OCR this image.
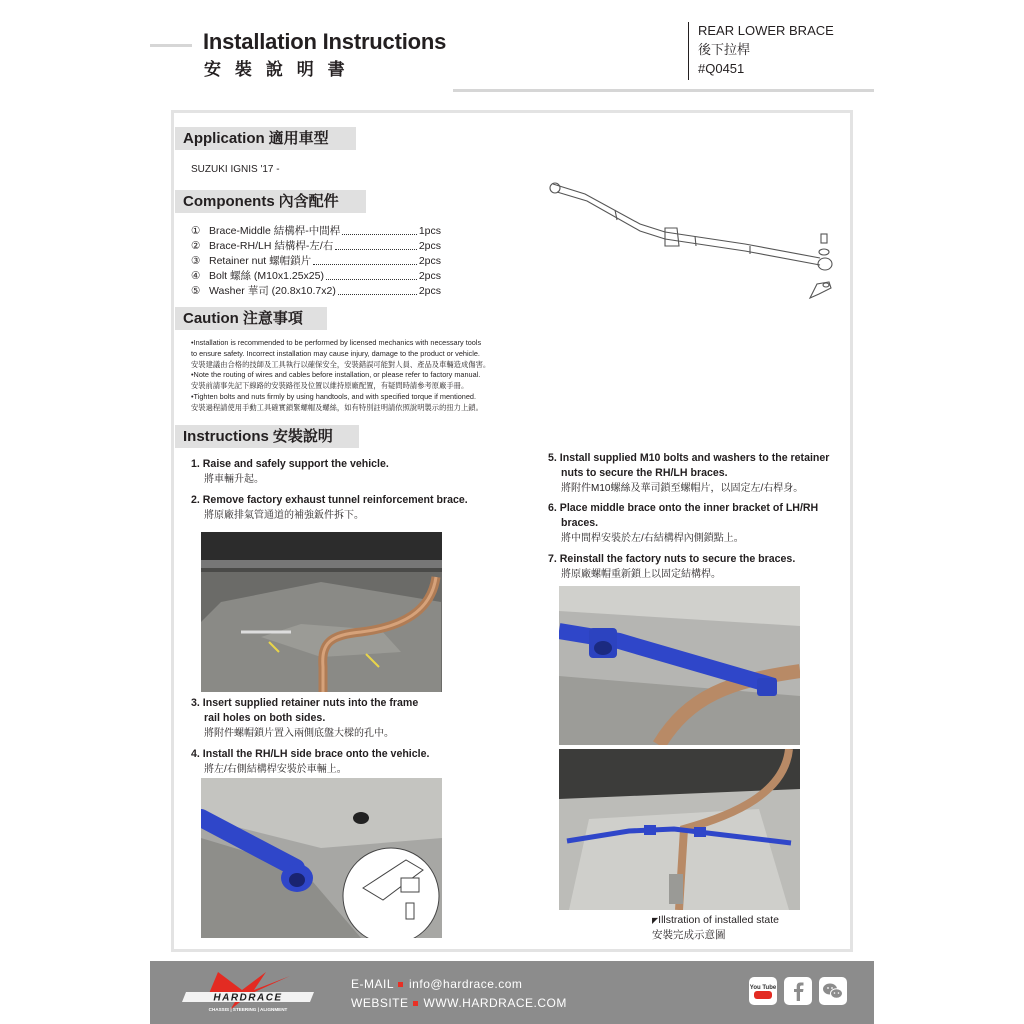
Installation Instructions
安 裝 說 明 書
REAR LOWER BRACE
後下拉桿
#Q0451
Application 適用車型
SUZUKI IGNIS '17 -
Components 內含配件
① Brace-Middle 結構桿-中間桿	1pcs
② Brace-RH/LH 結構桿-左/右	2pcs
③ Retainer nut 螺帽鎖片	2pcs
④ Bolt 螺絲 (M10x1.25x25)	2pcs
⑤ Washer 華司 (20.8x10.7x2)	2pcs
Caution 注意事項

•Installation is recommended to be performed by licensed mechanics with necessary tools

to ensure safety. Incorrect installation may cause injury, damage to the product or vehicle.

安裝建議由合格的技師及工具執行以確保安全，安裝錯誤可能對人員、產品及車輛造成傷害。

•Note the routing of wires and cables before installation, or please refer to factory manual.

安裝前請事先記下線路的安裝路徑及位置以維持原廠配置，有疑問時請參考原廠手冊。

•Tighten bolts and nuts firmly by using handtools, and with specified torque if mentioned.

安裝過程請使用手動工具確實鎖緊螺帽及螺絲，如有特別註明請依照說明製示的扭力上鎖。

Instructions 安裝說明
1. Raise and safely support the vehicle.

將車輛升起。
2. Remove factory exhaust tunnel reinforcement brace.

將原廠排氣管通道的補強鈑件拆下。
3. Insert supplied retainer nuts into the frame

rail holes on both sides.
將附件螺帽鎖片置入兩側底盤大樑的孔中。
4. Install the RH/LH side brace onto the vehicle.

將左/右側結構桿安裝於車輛上。
5. Install supplied M10 bolts and washers to the retainer

nuts to secure the RH/LH braces.
將附件M10螺絲及華司鎖至螺帽片，以固定左/右桿身。
6. Place middle brace onto the inner bracket of LH/RH

braces.
將中間桿安裝於左/右結構桿內側鎖點上。
7. Reinstall the factory nuts to secure the braces.

將原廠螺帽重新鎖上以固定結構桿。
◤Illstration of installed state
安裝完成示意圖
HARDRACE
CHASSIS | STEERING | ALIGNMENT
E-MAIL info@hardrace.com
WEBSITE WWW.HARDRACE.COM
You Tube
